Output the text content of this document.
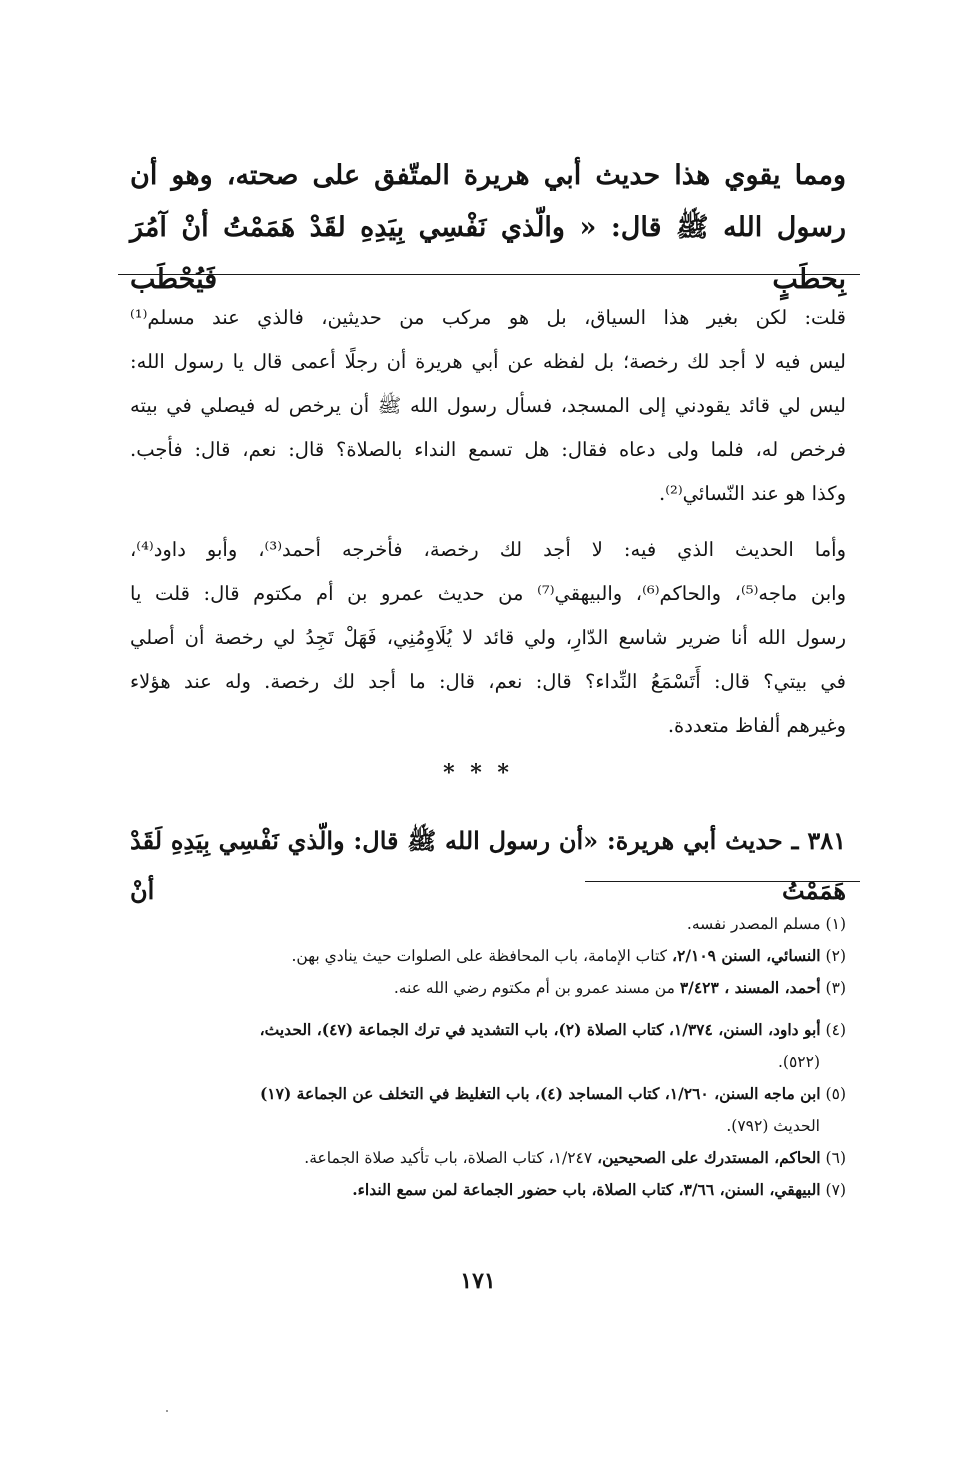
ومما يقوي هذا حديث أبي هريرة المتّفق على صحته، وهو أن

رسول الله ﷺ قال: « والّذي نَفْسِي بِيَدِهِ لقَدْ هَمَمْتُ أنْ آمُرَ بِحطَبٍ فَيُحْطَب

قلت: لكن بغير هذا السياق، بل هو مركب من حديثين، فالذي عند مسلم⁽¹⁾

ليس فيه لا أجد لك رخصة؛ بل لفظه عن أبي هريرة أن رجلًا أعمى قال يا رسول الله:

ليس لي قائد يقودني إلى المسجد، فسأل رسول الله ﷺ أن يرخص له فيصلي في بيته

فرخص له، فلما ولى دعاه فقال: هل تسمع النداء بالصلاة؟ قال: نعم، قال: فأجب.

وكذا هو عند النّسائي⁽²⁾.

وأما الحديث الذي فيه: لا أجد لك رخصة، فأخرجه أحمد⁽³⁾، وأبو داود⁽⁴⁾،

وابن ماجه⁽⁵⁾، والحاكم⁽⁶⁾، والبيهقي⁽⁷⁾ من حديث عمرو بن أم مكتوم قال: قلت يا

رسول الله أنا ضرير شاسع الدّارِ، ولي قائد لا يُلَاوِمُنِي، فَهَلْ تَجِدُ لي رخصة أن أصلي

في بيتي؟ قال: أَتَسْمَعُ النِّداء؟ قال: نعم، قال: ما أجد لك رخصة. وله عند هؤلاء

وغيرهم ألفاظ متعددة.

* * *

٣٨١ ـ حديث أبي هريرة: «أن رسول الله ﷺ قال: والّذي نَفْسِي بِيَدِهِ لَقَدْ هَمَمْتُ أنْ

(١) مسلم المصدر نفسه.

(٢) النسائي، السنن ٢/١٠٩، كتاب الإمامة، باب المحافظة على الصلوات حيث ينادي بهن.

(٣) أحمد، المسند ، ٣/٤٢٣ من مسند عمرو بن أم مكتوم رضي الله عنه.

(٤) أبو داود، السنن، ١/٣٧٤، كتاب الصلاة (٢)، باب التشديد في ترك الجماعة (٤٧)، الحديث،

(٥٢٢).

(٥) ابن ماجه السنن، ١/٢٦٠، كتاب المساجد (٤)، باب التغليظ في التخلف عن الجماعة (١٧)

الحديث (٧٩٢).

(٦) الحاكم، المستدرك على الصحيحين، ١/٢٤٧، كتاب الصلاة، باب تأكيد صلاة الجماعة.

(٧) البيهقي، السنن، ٣/٦٦، كتاب الصلاة، باب حضور الجماعة لمن سمع النداء.

١٧١
